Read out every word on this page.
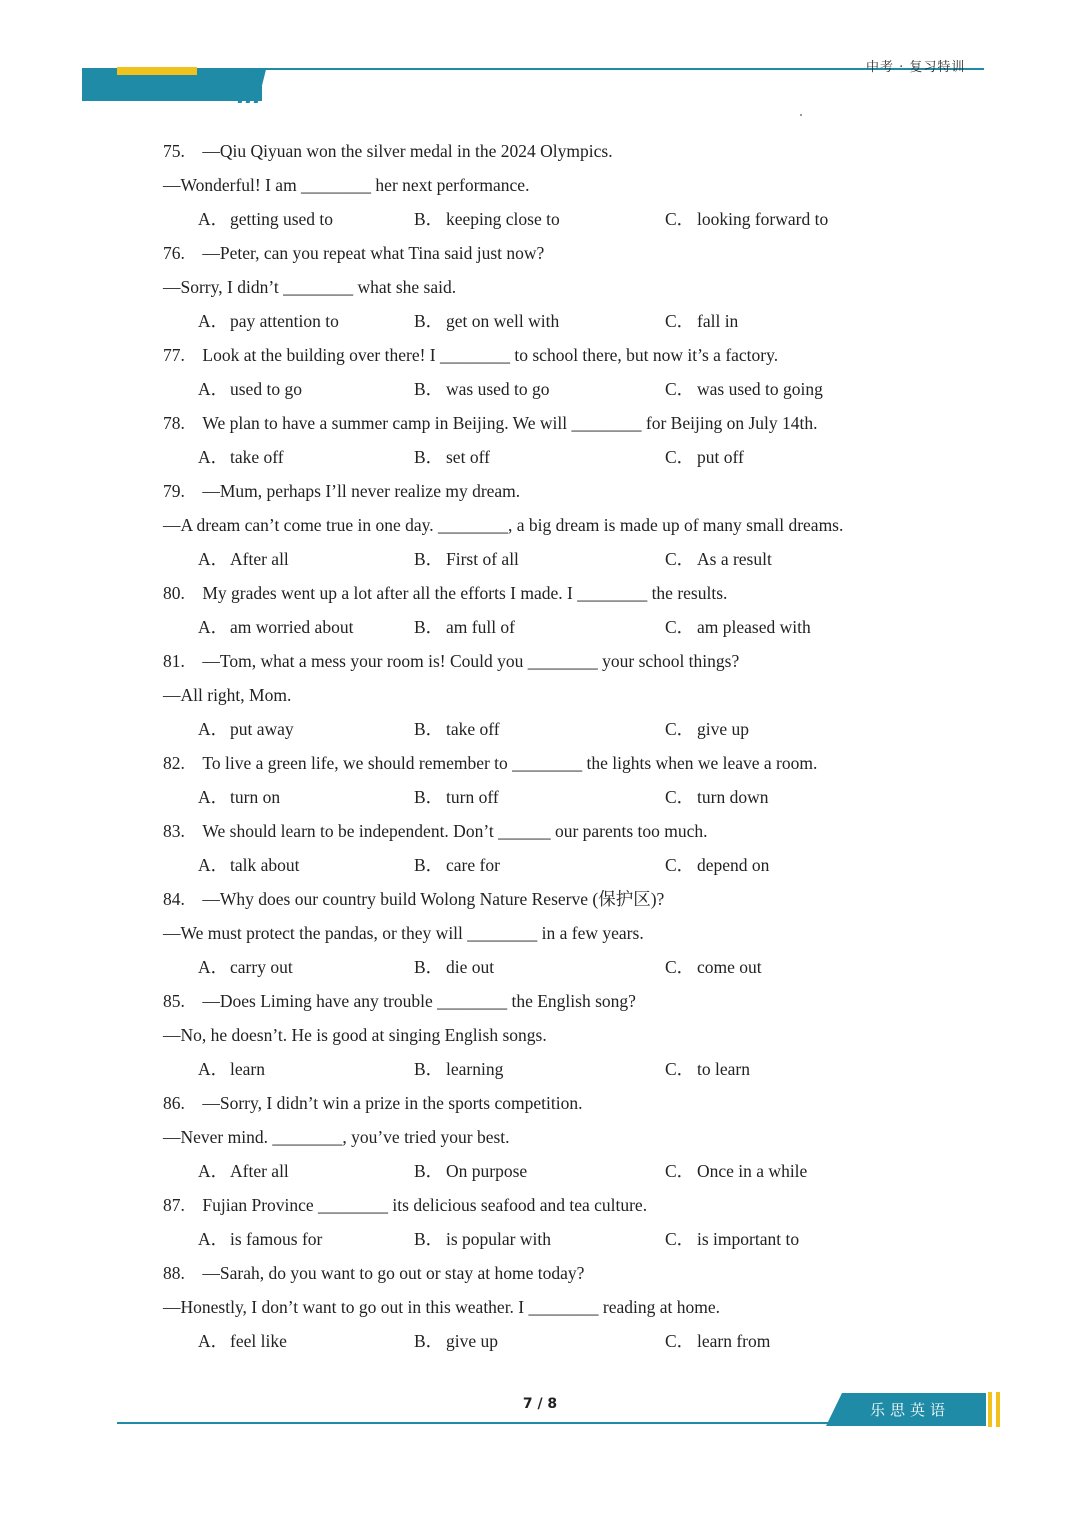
中考 · 复习特训
75.　—Qiu Qiyuan won the silver medal in the 2024 Olympics.
—Wonderful! I am ________ her next performance.
A． getting used to	B． keeping close to	C． looking forward to
76.　—Peter, can you repeat what Tina said just now?
—Sorry, I didn’t ________ what she said.
A． pay attention to	B． get on well with	C． fall in
77.　Look at the building over there! I ________ to school there, but now it’s a factory.
A． used to go	B． was used to go	C． was used to going
78.　We plan to have a summer camp in Beijing. We will ________ for Beijing on July 14th.
A． take off	B． set off	C． put off
79.　—Mum, perhaps I’ll never realize my dream.
—A dream can’t come true in one day. ________, a big dream is made up of many small dreams.
A． After all	B． First of all	C． As a result
80.　My grades went up a lot after all the efforts I made. I ________ the results.
A． am worried about	B． am full of	C． am pleased with
81.　—Tom, what a mess your room is! Could you ________ your school things?
—All right, Mom.
A． put away	B． take off	C． give up
82.　To live a green life, we should remember to ________ the lights when we leave a room.
A． turn on	B． turn off	C． turn down
83.　We should learn to be independent. Don’t ______ our parents too much.
A． talk about	B． care for	C． depend on
84.　—Why does our country build Wolong Nature Reserve (保护区)?
—We must protect the pandas, or they will ________ in a few years.
A． carry out	B． die out	C． come out
85.　—Does Liming have any trouble ________ the English song?
—No, he doesn’t. He is good at singing English songs.
A． learn	B． learning	C． to learn
86.　—Sorry, I didn’t win a prize in the sports competition.
—Never mind. ________, you’ve tried your best.
A． After all	B． On purpose	C． Once in a while
87.　Fujian Province ________ its delicious seafood and tea culture.
A． is famous for	B． is popular with	C． is important to
88.　—Sarah, do you want to go out or stay at home today?
—Honestly, I don’t want to go out in this weather. I ________ reading at home.
A． feel like	B． give up	C． learn from
7 / 8	乐思英语
